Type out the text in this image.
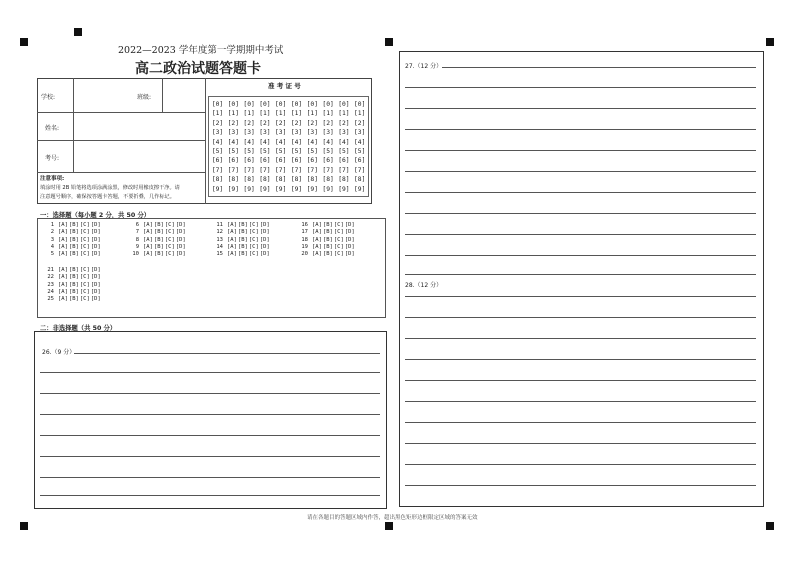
2022—2023 学年度第一学期期中考试
高二政治试题答题卡
学校:	班级:
姓名:
考号:
注意事项:
填涂时用 2B 铅笔将选项涂满涂黑，修改时用橡皮擦干净。请
注意题号顺序，確保按答题卡答题，不要折叠，几作标记。
准 考 证 号
[0]
[1]
[2]
[3]
[4]
[5]
[6]
[7]
[8]
[9]
[0]
[1]
[2]
[3]
[4]
[5]
[6]
[7]
[8]
[9]
[0]
[1]
[2]
[3]
[4]
[5]
[6]
[7]
[8]
[9]
[0]
[1]
[2]
[3]
[4]
[5]
[6]
[7]
[8]
[9]
[0]
[1]
[2]
[3]
[4]
[5]
[6]
[7]
[8]
[9]
[0]
[1]
[2]
[3]
[4]
[5]
[6]
[7]
[8]
[9]
[0]
[1]
[2]
[3]
[4]
[5]
[6]
[7]
[8]
[9]
[0]
[1]
[2]
[3]
[4]
[5]
[6]
[7]
[8]
[9]
[0]
[1]
[2]
[3]
[4]
[5]
[6]
[7]
[8]
[9]
[0]
[1]
[2]
[3]
[4]
[5]
[6]
[7]
[8]
[9]
一：选择题（每小题 2 分，共 50 分）
1 [A][B][C][D]
2 [A][B][C][D]
3 [A][B][C][D]
4 [A][B][C][D]
5 [A][B][C][D]
6 [A][B][C][D]
7 [A][B][C][D]
8 [A][B][C][D]
9 [A][B][C][D]
10 [A][B][C][D]
11 [A][B][C][D]
12 [A][B][C][D]
13 [A][B][C][D]
14 [A][B][C][D]
15 [A][B][C][D]
16 [A][B][C][D]
17 [A][B][C][D]
18 [A][B][C][D]
19 [A][B][C][D]
20 [A][B][C][D]
21 [A][B][C][D]
22 [A][B][C][D]
23 [A][B][C][D]
24 [A][B][C][D]
25 [A][B][C][D]
二：非选择题（共 50 分）
26.（9 分）
27.（12 分）
28.（12 分）
请在各题目的答题区域内作答，超出黑色矩形边框限定区域的答案无效
